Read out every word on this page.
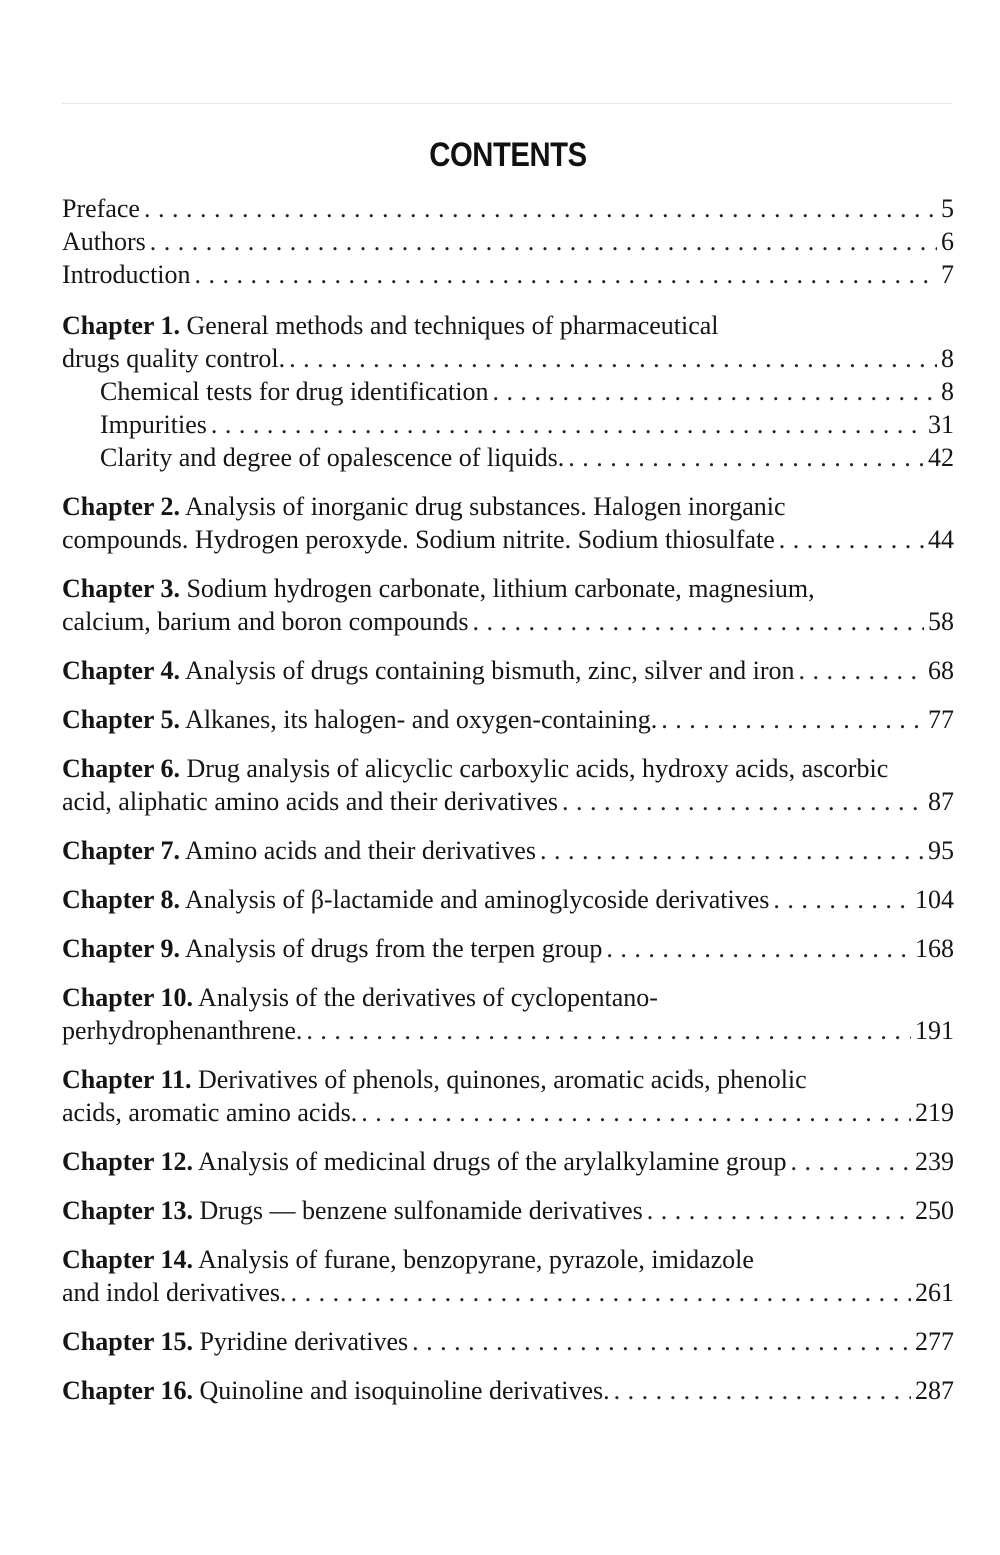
CONTENTS
Preface . . .	5
Authors . . .	6
Introduction . . .	7
Chapter 1. General methods and techniques of pharmaceutical
drugs quality control. . . .	8
Chemical tests for drug identification . . .	8
Impurities . . .	31
Clarity and degree of opalescence of liquids. . . .	42
Chapter 2. Analysis of inorganic drug substances. Halogen inorganic
compounds. Hydrogen peroxyde. Sodium nitrite. Sodium thiosulfate . . .	44
Chapter 3. Sodium hydrogen carbonate, lithium carbonate, magnesium,
calcium, barium and boron compounds . . .	58
Chapter 4. Analysis of drugs containing bismuth, zinc, silver and iron . . .	68
Chapter 5. Alkanes, its halogen- and oxygen-containing. . . .	77
Chapter 6. Drug analysis of alicyclic carboxylic acids, hydroxy acids, ascorbic
acid, aliphatic amino acids and their derivatives . . .	87
Chapter 7. Amino acids and their derivatives . . .	95
Chapter 8. Analysis of β-lactamide and aminoglycoside derivatives . . .	104
Chapter 9. Analysis of drugs from the terpen group . . .	168
Chapter 10. Analysis of the derivatives of cyclopentano-
perhydrophenanthrene. . . .	191
Chapter 11. Derivatives of phenols, quinones, aromatic acids, phenolic
acids, aromatic amino acids. . . .	219
Chapter 12. Analysis of medicinal drugs of the arylalkylamine group . . .	239
Chapter 13. Drugs — benzene sulfonamide derivatives . . .	250
Chapter 14. Analysis of furane, benzopyrane, pyrazole, imidazole
and indol derivatives. . . .	261
Chapter 15. Pyridine derivatives . . .	277
Chapter 16. Quinoline and isoquinoline derivatives. . . .	287
